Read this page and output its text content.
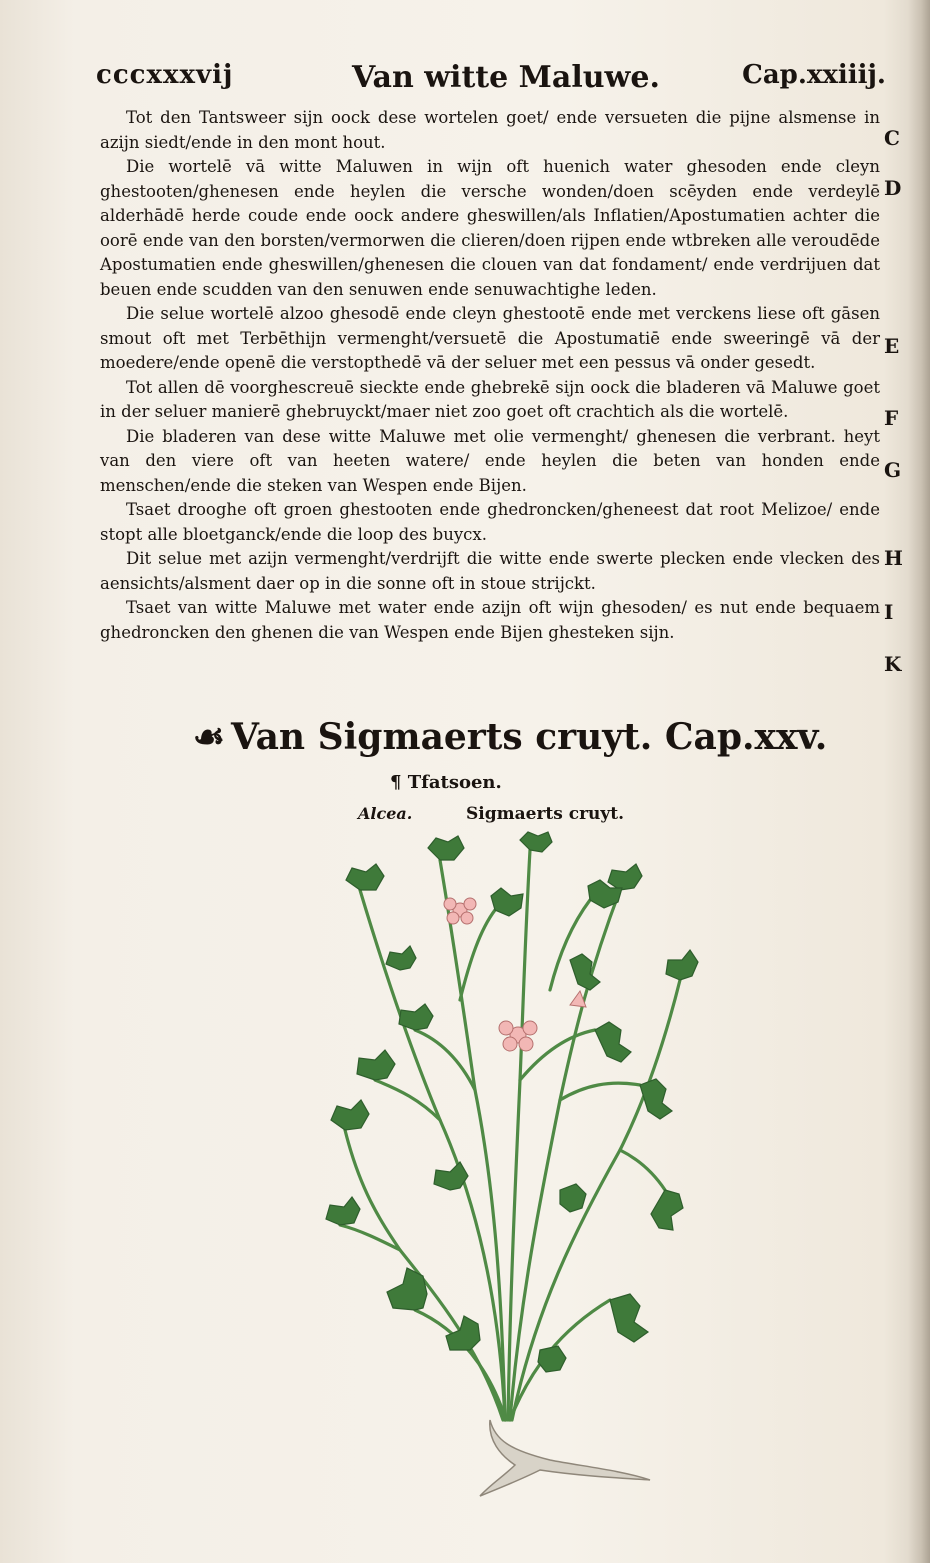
cccxxxvij	Van witte Maluwe.	Cap.xxiiij.

Tot den Tantsweer sijn oock dese wortelen goet/ ende versueten die pijne alsmense in azijn siedt/ende in den mont hout.

Die wortelē vā witte Maluwen in wijn oft huenich water ghesoden ende cleyn ghestooten/ghenesen ende heylen die versche wonden/doen scēyden ende verdeylē alderhādē herde coude ende oock andere gheswillen/als Inflatien/Apostumatien achter die oorē ende van den borsten/vermorwen die clieren/doen rijpen ende wtbreken alle veroudēde Apostumatien ende gheswillen/ghenesen die clouen van dat fondament/ ende verdrijuen dat beuen ende scudden van den senuwen ende senuwachtighe leden.

Die selue wortelē alzoo ghesodē ende cleyn ghestootē ende met verckens liese oft gāsen smout oft met Terbēthijn vermenght/versuetē die Apostumatiē ende sweeringē vā der moedere/ende openē die verstopthedē vā der seluer met een pessus vā onder gesedt.

Tot allen dē voorghescreuē sieckte ende ghebrekē sijn oock die bladeren vā Maluwe goet in der seluer manierē ghebruyckt/maer niet zoo goet oft crachtich als die wortelē.

Die bladeren van dese witte Maluwe met olie vermenght/ ghenesen die verbrant. heyt van den viere oft van heeten watere/ ende heylen die beten van honden ende menschen/ende die steken van Wespen ende Bijen.

Tsaet drooghe oft groen ghestooten ende ghedroncken/gheneest dat root Melizoe/ ende stopt alle bloetganck/ende die loop des buycx.

Dit selue met azijn vermenght/verdrijft die witte ende swerte plecken ende vlecken des aensichts/alsment daer op in die sonne oft in stoue strijckt.

Tsaet van witte Maluwe met water ende azijn oft wijn ghesoden/ es nut ende bequaem ghedroncken den ghenen die van Wespen ende Bijen ghesteken sijn.

C
D
E
F
G
H
I
K
☙ Van Sigmaerts cruyt. Cap.xxv.
¶ Tfatsoen.
Alcea.	Sigmaerts cruyt.
